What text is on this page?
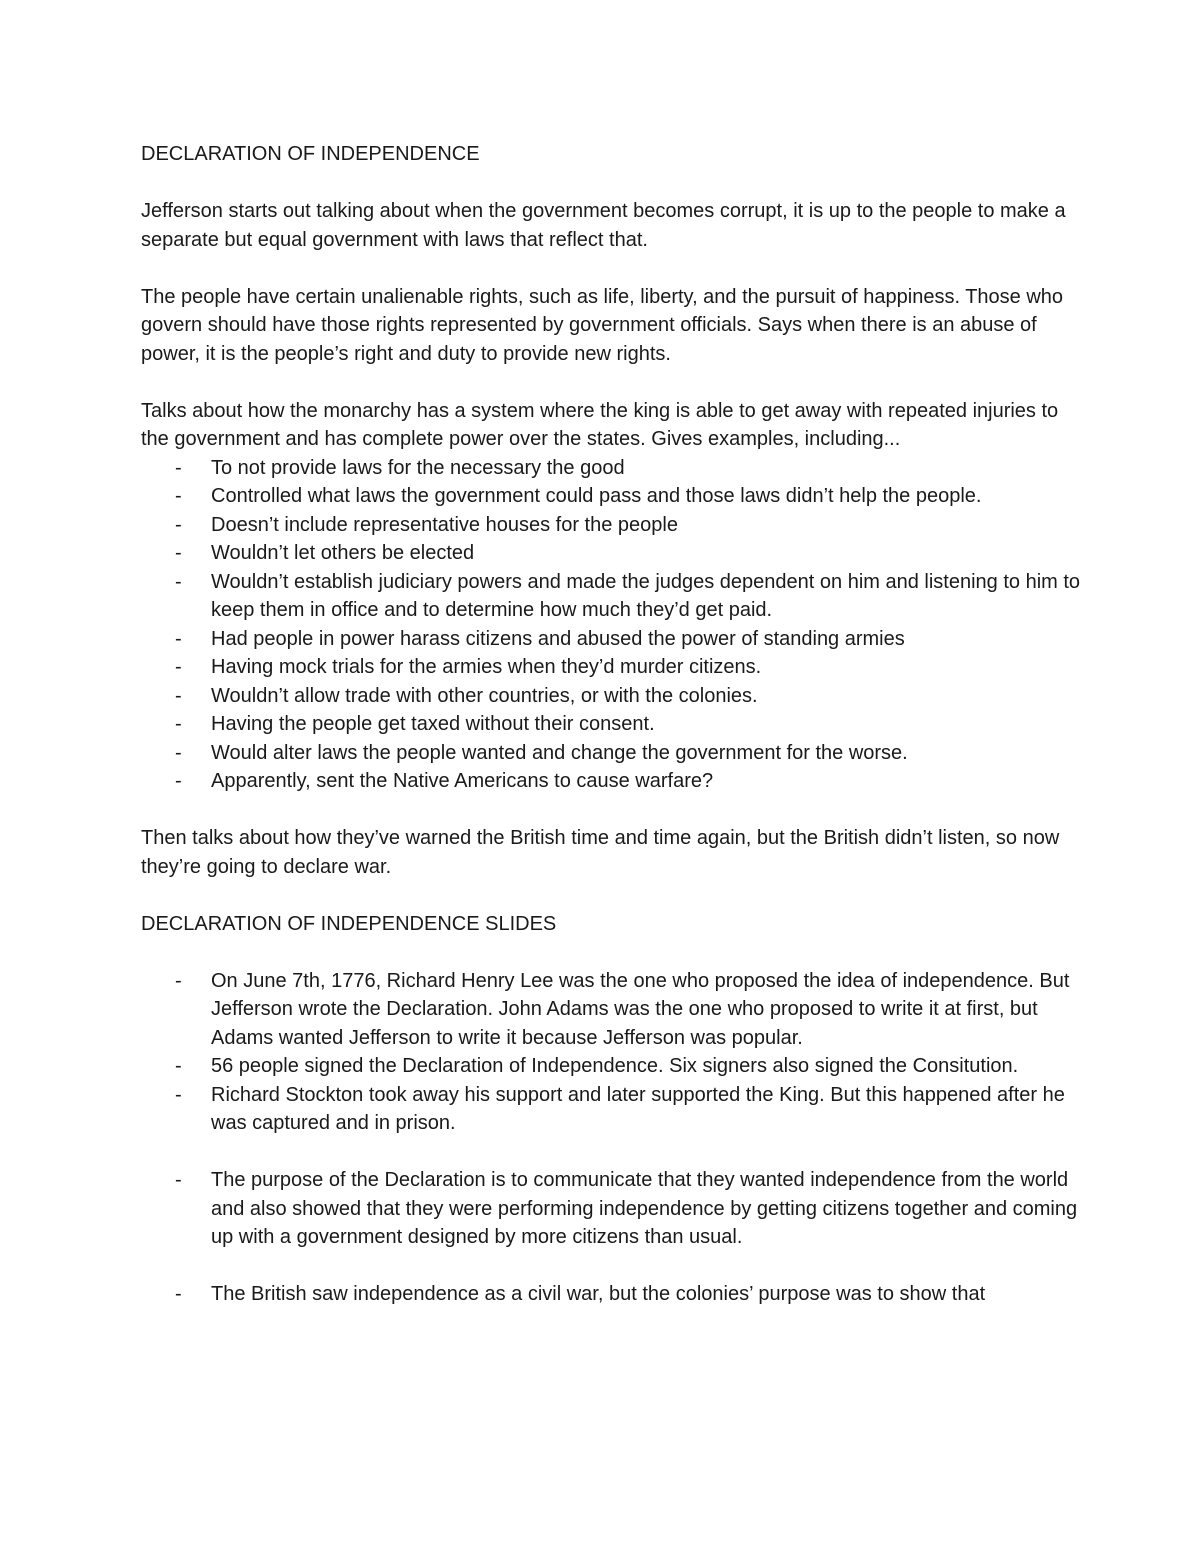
DECLARATION OF INDEPENDENCE

Jefferson starts out talking about when the government becomes corrupt, it is up to the people to make a separate but equal government with laws that reflect that.

The people have certain unalienable rights, such as life, liberty, and the pursuit of happiness. Those who govern should have those rights represented by government officials. Says when there is an abuse of power, it is the people’s right and duty to provide new rights.

Talks about how the monarchy has a system where the king is able to get away with repeated injuries to the government and has complete power over the states. Gives examples, including...

- To not provide laws for the necessary the good
- Controlled what laws the government could pass and those laws didn’t help the people.
- Doesn’t include representative houses for the people
- Wouldn’t let others be elected
- Wouldn’t establish judiciary powers and made the judges dependent on him and listening to him to keep them in office and to determine how much they’d get paid.
- Had people in power harass citizens and abused the power of standing armies
- Having mock trials for the armies when they’d murder citizens.
- Wouldn’t allow trade with other countries, or with the colonies.
- Having the people get taxed without their consent.
- Would alter laws the people wanted and change the government for the worse.
- Apparently, sent the Native Americans to cause warfare?

Then talks about how they’ve warned the British time and time again, but the British didn’t listen, so now they’re going to declare war.

DECLARATION OF INDEPENDENCE SLIDES
- On June 7th, 1776, Richard Henry Lee was the one who proposed the idea of independence. But Jefferson wrote the Declaration. John Adams was the one who proposed to write it at first, but Adams wanted Jefferson to write it because Jefferson was popular.
- 56 people signed the Declaration of Independence. Six signers also signed the Consitution.
- Richard Stockton took away his support and later supported the King. But this happened after he was captured and in prison.
- The purpose of the Declaration is to communicate that they wanted independence from the world and also showed that they were performing independence by getting citizens together and coming up with a government designed by more citizens than usual.
- The British saw independence as a civil war, but the colonies’ purpose was to show that
